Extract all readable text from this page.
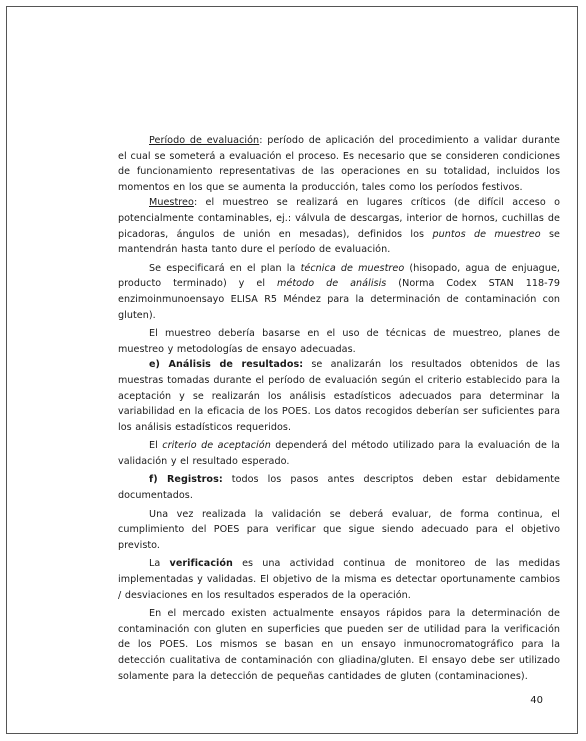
Período de evaluación: período de aplicación del procedimiento a validar durante el cual se someterá a evaluación el proceso. Es necesario que se consideren condiciones de funcionamiento representativas de las operaciones en su totalidad, incluidos los momentos en los que se aumenta la producción, tales como los períodos festivos.

Muestreo: el muestreo se realizará en lugares críticos (de difícil acceso o potencialmente contaminables, ej.: válvula de descargas, interior de hornos, cuchillas de picadoras, ángulos de unión en mesadas), definidos los puntos de muestreo se mantendrán hasta tanto dure el período de evaluación.

Se especificará en el plan la técnica de muestreo (hisopado, agua de enjuague, producto terminado) y el método de análisis (Norma Codex STAN 118-79 enzimoinmunoensayo ELISA R5 Méndez para la determinación de contaminación con gluten).

El muestreo debería basarse en el uso de técnicas de muestreo, planes de muestreo y metodologías de ensayo adecuadas.

e) Análisis de resultados: se analizarán los resultados obtenidos de las muestras tomadas durante el período de evaluación según el criterio establecido para la aceptación y se realizarán los análisis estadísticos adecuados para determinar la variabilidad en la eficacia de los POES. Los datos recogidos deberían ser suficientes para los análisis estadísticos requeridos.

El criterio de aceptación dependerá del método utilizado para la evaluación de la validación y el resultado esperado.

f) Registros: todos los pasos antes descriptos deben estar debidamente documentados.

Una vez realizada la validación se deberá evaluar, de forma continua, el cumplimiento del POES para verificar que sigue siendo adecuado para el objetivo previsto.

La verificación es una actividad continua de monitoreo de las medidas implementadas y validadas. El objetivo de la misma es detectar oportunamente cambios / desviaciones en los resultados esperados de la operación.

En el mercado existen actualmente ensayos rápidos para la determinación de contaminación con gluten en superficies que pueden ser de utilidad para la verificación de los POES. Los mismos se basan en un ensayo inmunocromatográfico para la detección cualitativa de contaminación con gliadina/gluten. El ensayo debe ser utilizado solamente para la detección de pequeñas cantidades de gluten (contaminaciones).

40
